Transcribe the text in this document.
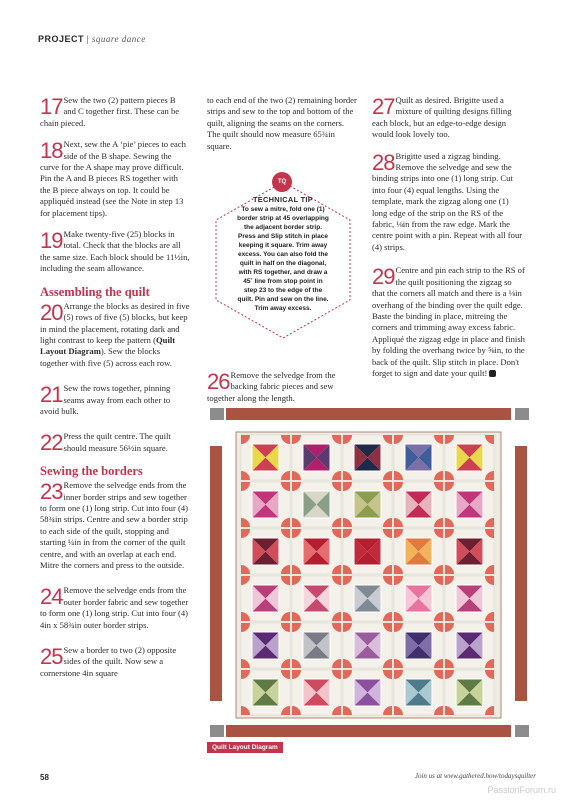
PROJECT | square dance
17 Sew the two (2) pattern pieces B and C together first. These can be chain pieced.
18 Next, sew the A ‘pie’ pieces to each side of the B shape. Sewing the curve for the A shape may prove difficult. Pin the A and B pieces RS together with the B piece always on top. It could be appliquéd instead (see the Note in step 13 for placement tips).
19 Make twenty-five (25) blocks in total. Check that the blocks are all the same size. Each block should be 11½in, including the seam allowance.
Assembling the quilt
20 Arrange the blocks as desired in five (5) rows of five (5) blocks, but keep in mind the placement, rotating dark and light contrast to keep the pattern (Quilt Layout Diagram). Sew the blocks together with five (5) across each row.
21 Sew the rows together, pinning seams away from each other to avoid bulk.
22 Press the quilt centre. The quilt should measure 56½in square.
Sewing the borders
23 Remove the selvedge ends from the inner border strips and sew together to form one (1) long strip. Cut into four (4) 58¾in strips. Centre and sew a border strip to each side of the quilt, stopping and starting ¼in in from the corner of the quilt centre, and with an overlap at each end. Mitre the corners and press to the outside.
24 Remove the selvedge ends from the outer border fabric and sew together to form one (1) long strip. Cut into four (4) 4in x 58¾in outer border strips.
25 Sew a border to two (2) opposite sides of the quilt. Now sew a cornerstone 4in square
to each end of the two (2) remaining border strips and sew to the top and bottom of the quilt, aligning the seams on the corners. The quilt should now measure 65¾in square.
TQ
TECHNICAL TIP
To sew a mitre, fold one (1) border strip at 45 overlapping the adjacent border strip. Press and Slip stitch in place keeping it square. Trim away excess. You can also fold the quilt in half on the diagonal, with RS together, and draw a 45˚ line from stop point in step 23 to the edge of the quilt. Pin and sew on the line. Trim away excess.
26 Remove the selvedge from the backing fabric pieces and sew together along the length.
27 Quilt as desired. Brigitte used a mixture of quilting designs filling each block, but an edge-to-edge design would look lovely too.
28 Brigitte used a zigzag binding. Remove the selvedge and sew the binding strips into one (1) long strip. Cut into four (4) equal lengths. Using the template, mark the zigzag along one (1) long edge of the strip on the RS of the fabric, ⅛in from the raw edge. Mark the centre point with a pin. Repeat with all four (4) strips.
29 Centre and pin each strip to the RS of the quilt positioning the zigzag so that the corners all match and there is a ⅛in overhang of the binding over the quilt edge. Baste the binding in place, mitreing the corners and trimming away excess fabric. Appliqué the zigzag edge in place and finish by folding the overhang twice by ⅝in, to the back of the quilt. Slip stitch in place. Don't forget to sign and date your quilt!
Quilt Layout Diagram
58	Join us at www.gathered.how/todaysquilter
PassionForum.ru
